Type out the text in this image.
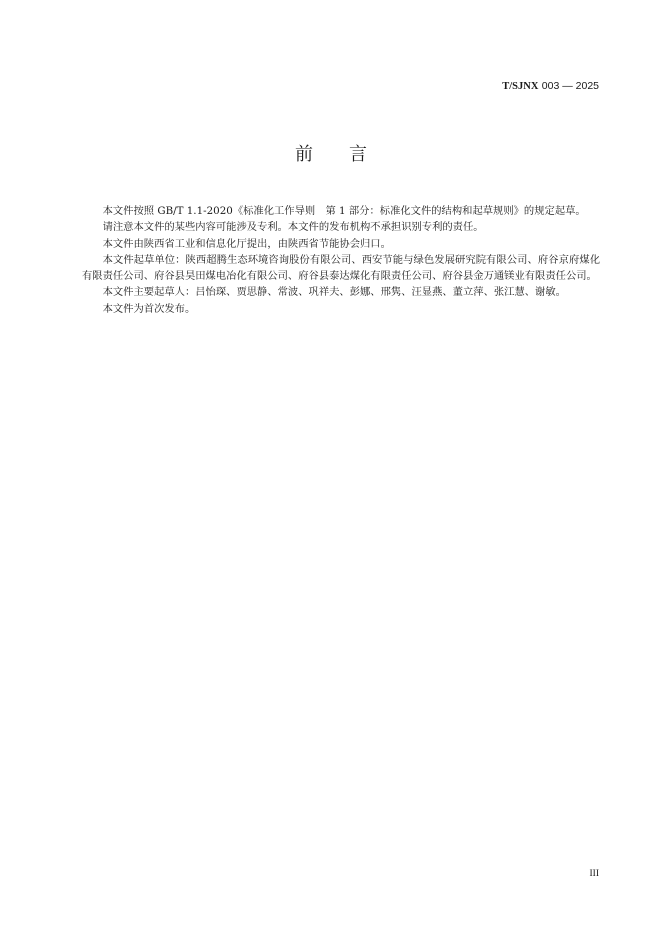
T/SJNX 003 — 2025
前言

本文件按照 GB/T 1.1-2020《标准化工作导则　第 1 部分：标准化文件的结构和起草规则》的规定起草。

请注意本文件的某些内容可能涉及专利。本文件的发布机构不承担识别专利的责任。

本文件由陕西省工业和信息化厅提出，由陕西省节能协会归口。

本文件起草单位：陕西超腾生态环境咨询股份有限公司、西安节能与绿色发展研究院有限公司、府谷京府煤化有限责任公司、府谷县昊田煤电冶化有限公司、府谷县泰达煤化有限责任公司、府谷县金万通镁业有限责任公司。

本文件主要起草人：吕怡琛、贾思静、常波、巩祥夫、彭娜、邢隽、汪显燕、董立萍、张江慧、谢敏。

本文件为首次发布。

III
